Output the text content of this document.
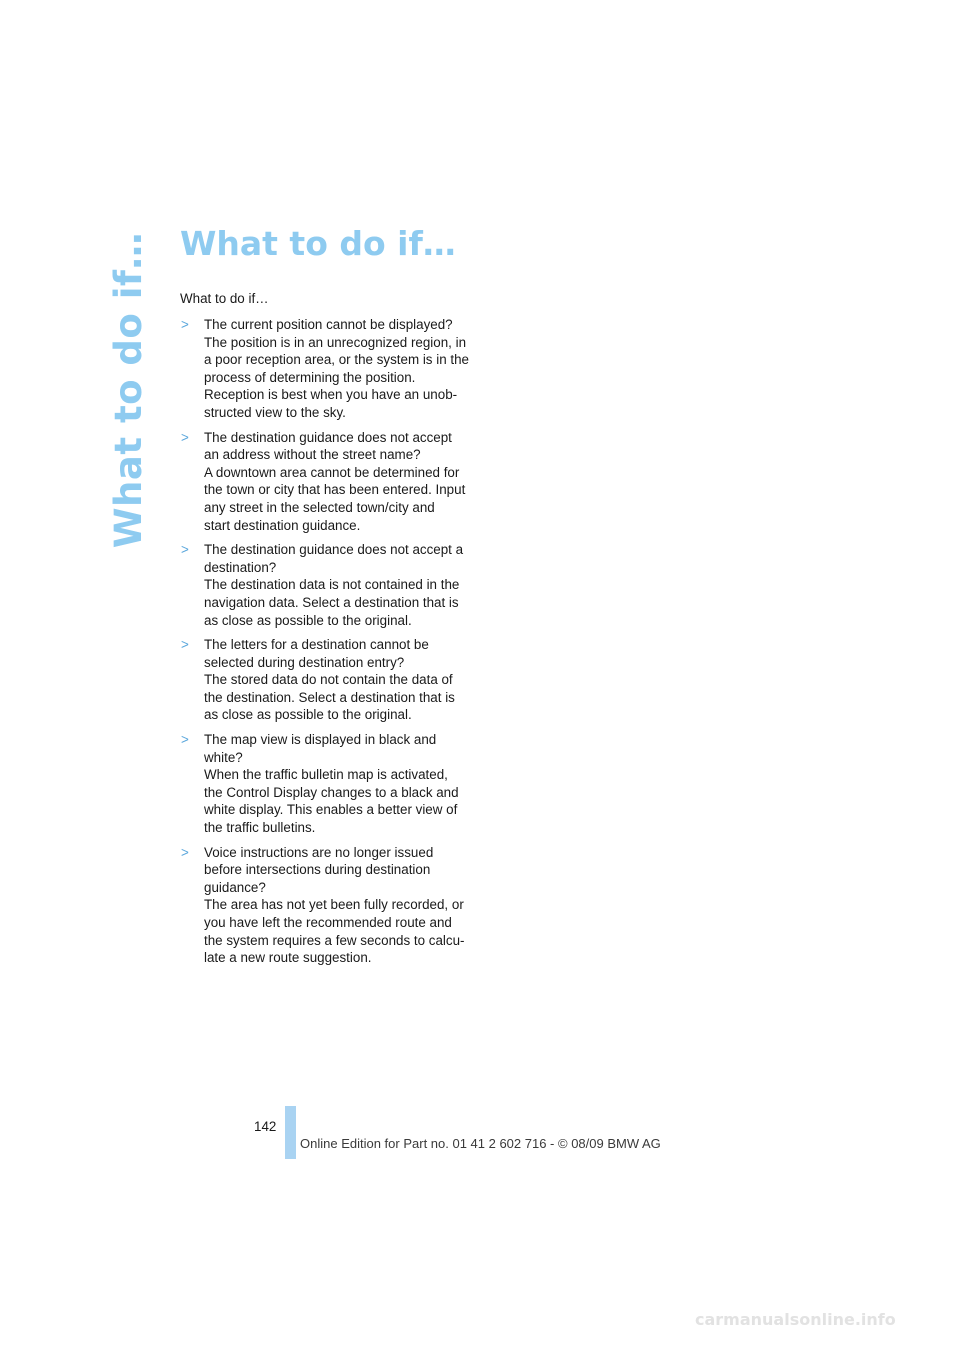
What to do if… What to do if…

What to do if…

> The current position cannot be displayed?
The position is in an unrecognized region, in
a poor reception area, or the system is in the
process of determining the position.
Reception is best when you have an unob-
structed view to the sky.
> The destination guidance does not accept
an address without the street name?
A downtown area cannot be determined for
the town or city that has been entered. Input
any street in the selected town/city and
start destination guidance.
> The destination guidance does not accept a
destination?
The destination data is not contained in the
navigation data. Select a destination that is
as close as possible to the original.
> The letters for a destination cannot be
selected during destination entry?
The stored data do not contain the data of
the destination. Select a destination that is
as close as possible to the original.
> The map view is displayed in black and
white?
When the traffic bulletin map is activated,
the Control Display changes to a black and
white display. This enables a better view of
the traffic bulletins.
> Voice instructions are no longer issued
before intersections during destination
guidance?
The area has not yet been fully recorded, or
you have left the recommended route and
the system requires a few seconds to calcu-
late a new route suggestion.
142
Online Edition for Part no. 01 41 2 602 716 - © 08/09 BMW AG
carmanualsonline.info
